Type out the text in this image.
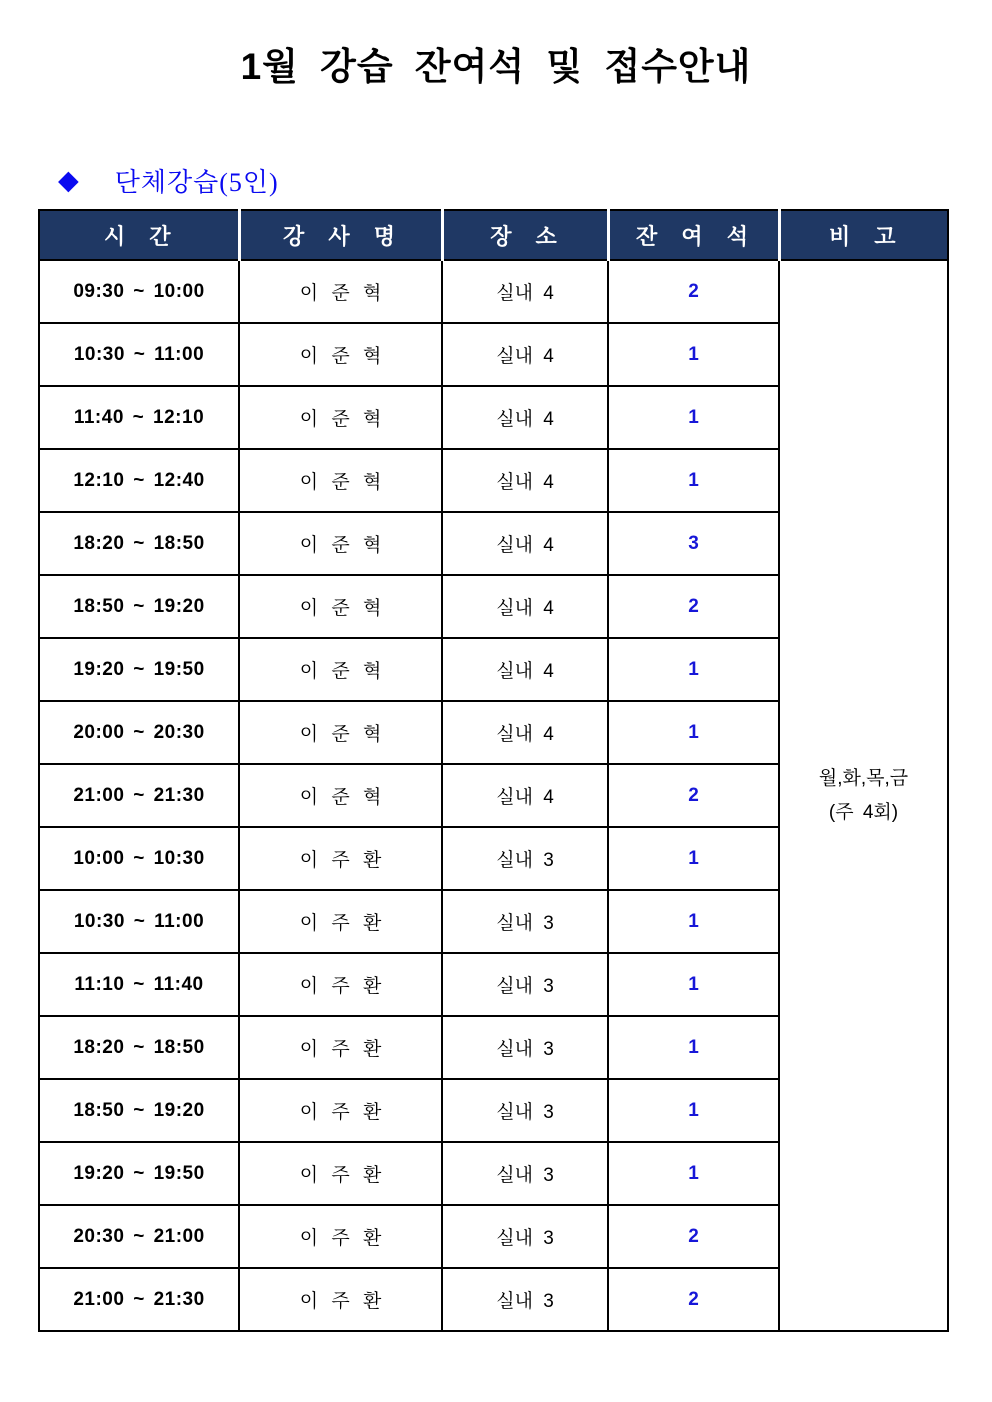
1월 강습 잔여석 및 접수안내
◆ 단체강습(5인)
시 간	강 사 명	장 소	잔 여 석	비 고
09:30 ~ 10:00	이 준 혁	실내 4	2	월,화,목,금
(주 4회)

10:30 ~ 11:00	이 준 혁	실내 4	1	
11:40 ~ 12:10	이 준 혁	실내 4	1	
12:10 ~ 12:40	이 준 혁	실내 4	1	
18:20 ~ 18:50	이 준 혁	실내 4	3	
18:50 ~ 19:20	이 준 혁	실내 4	2	
19:20 ~ 19:50	이 준 혁	실내 4	1	
20:00 ~ 20:30	이 준 혁	실내 4	1	
21:00 ~ 21:30	이 준 혁	실내 4	2	
10:00 ~ 10:30	이 주 환	실내 3	1	
10:30 ~ 11:00	이 주 환	실내 3	1	
11:10 ~ 11:40	이 주 환	실내 3	1	
18:20 ~ 18:50	이 주 환	실내 3	1	
18:50 ~ 19:20	이 주 환	실내 3	1	
19:20 ~ 19:50	이 주 환	실내 3	1	
20:30 ~ 21:00	이 주 환	실내 3	2	
21:00 ~ 21:30	이 주 환	실내 3	2	
